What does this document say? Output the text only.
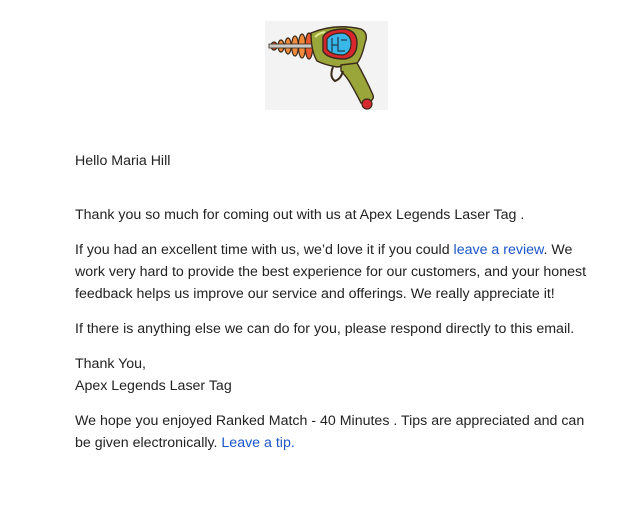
Hello Maria Hill

Thank you so much for coming out with us at Apex Legends Laser Tag .

If you had an excellent time with us, we’d love it if you could leave a review. We work very hard to provide the best experience for our customers, and your honest feedback helps us improve our service and offerings. We really appreciate it!

If there is anything else we can do for you, please respond directly to this email.

Thank You,

Apex Legends Laser Tag

We hope you enjoyed Ranked Match - 40 Minutes . Tips are appreciated and can be given electronically. Leave a tip.
